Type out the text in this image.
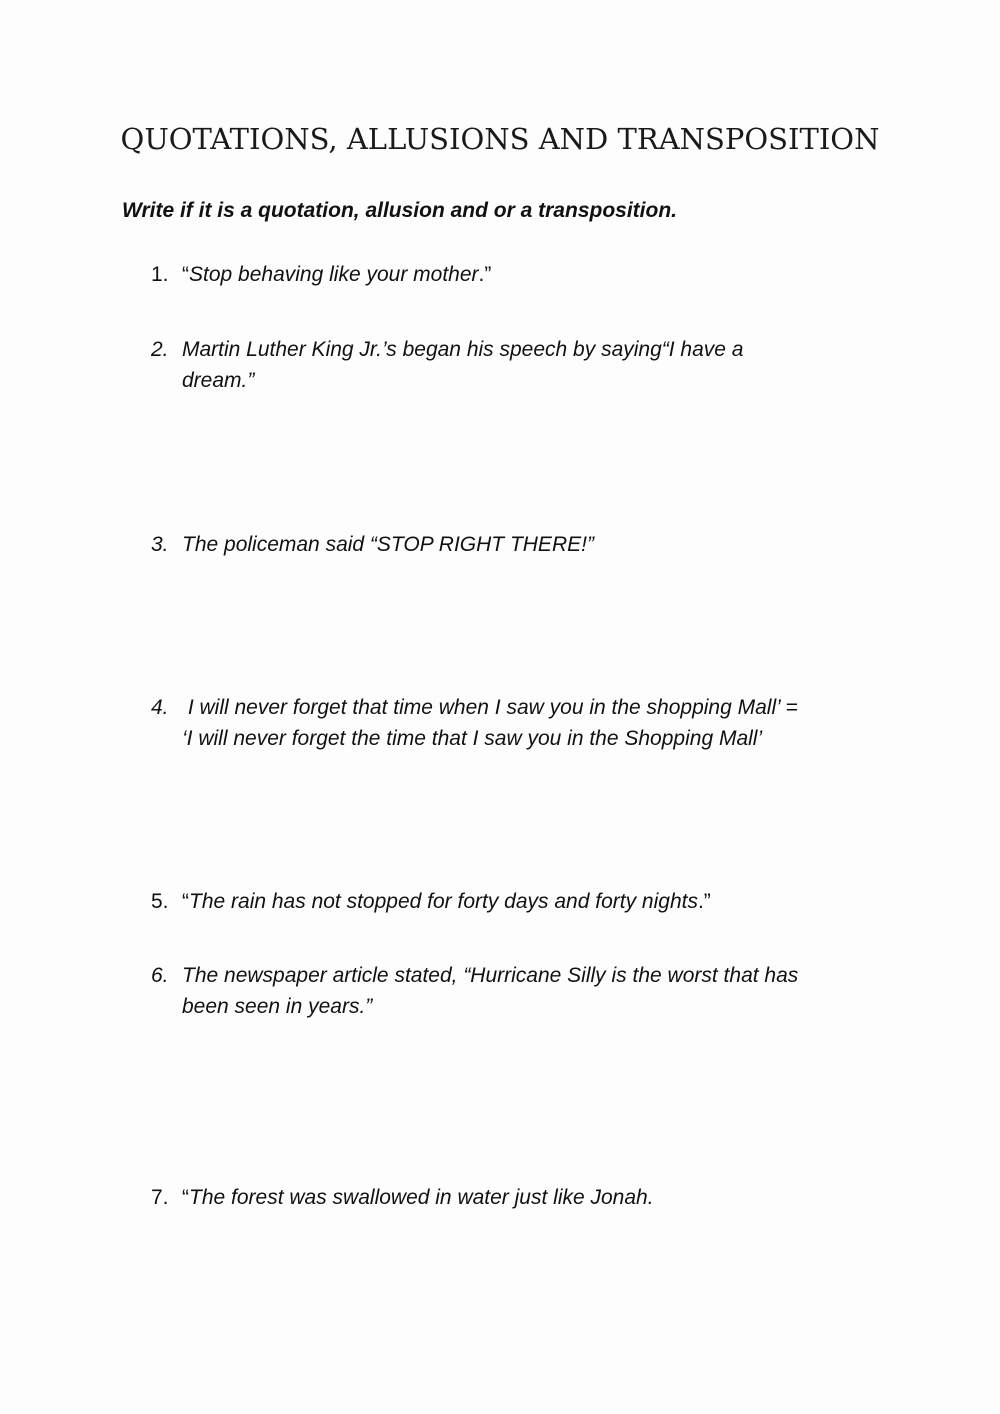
QUOTATIONS, ALLUSIONS AND TRANSPOSITION
Write if it is a quotation, allusion and or a transposition.
1. “Stop behaving like your mother.”
2. Martin Luther King Jr.’s began his speech by saying“I have a
dream.”
3. The policeman said “STOP RIGHT THERE!”
4. I will never forget that time when I saw you in the shopping Mall’ =
‘I will never forget the time that I saw you in the Shopping Mall’
5. “The rain has not stopped for forty days and forty nights.”
6. The newspaper article stated, “Hurricane Silly is the worst that has
been seen in years.”
7. “The forest was swallowed in water just like Jonah.
